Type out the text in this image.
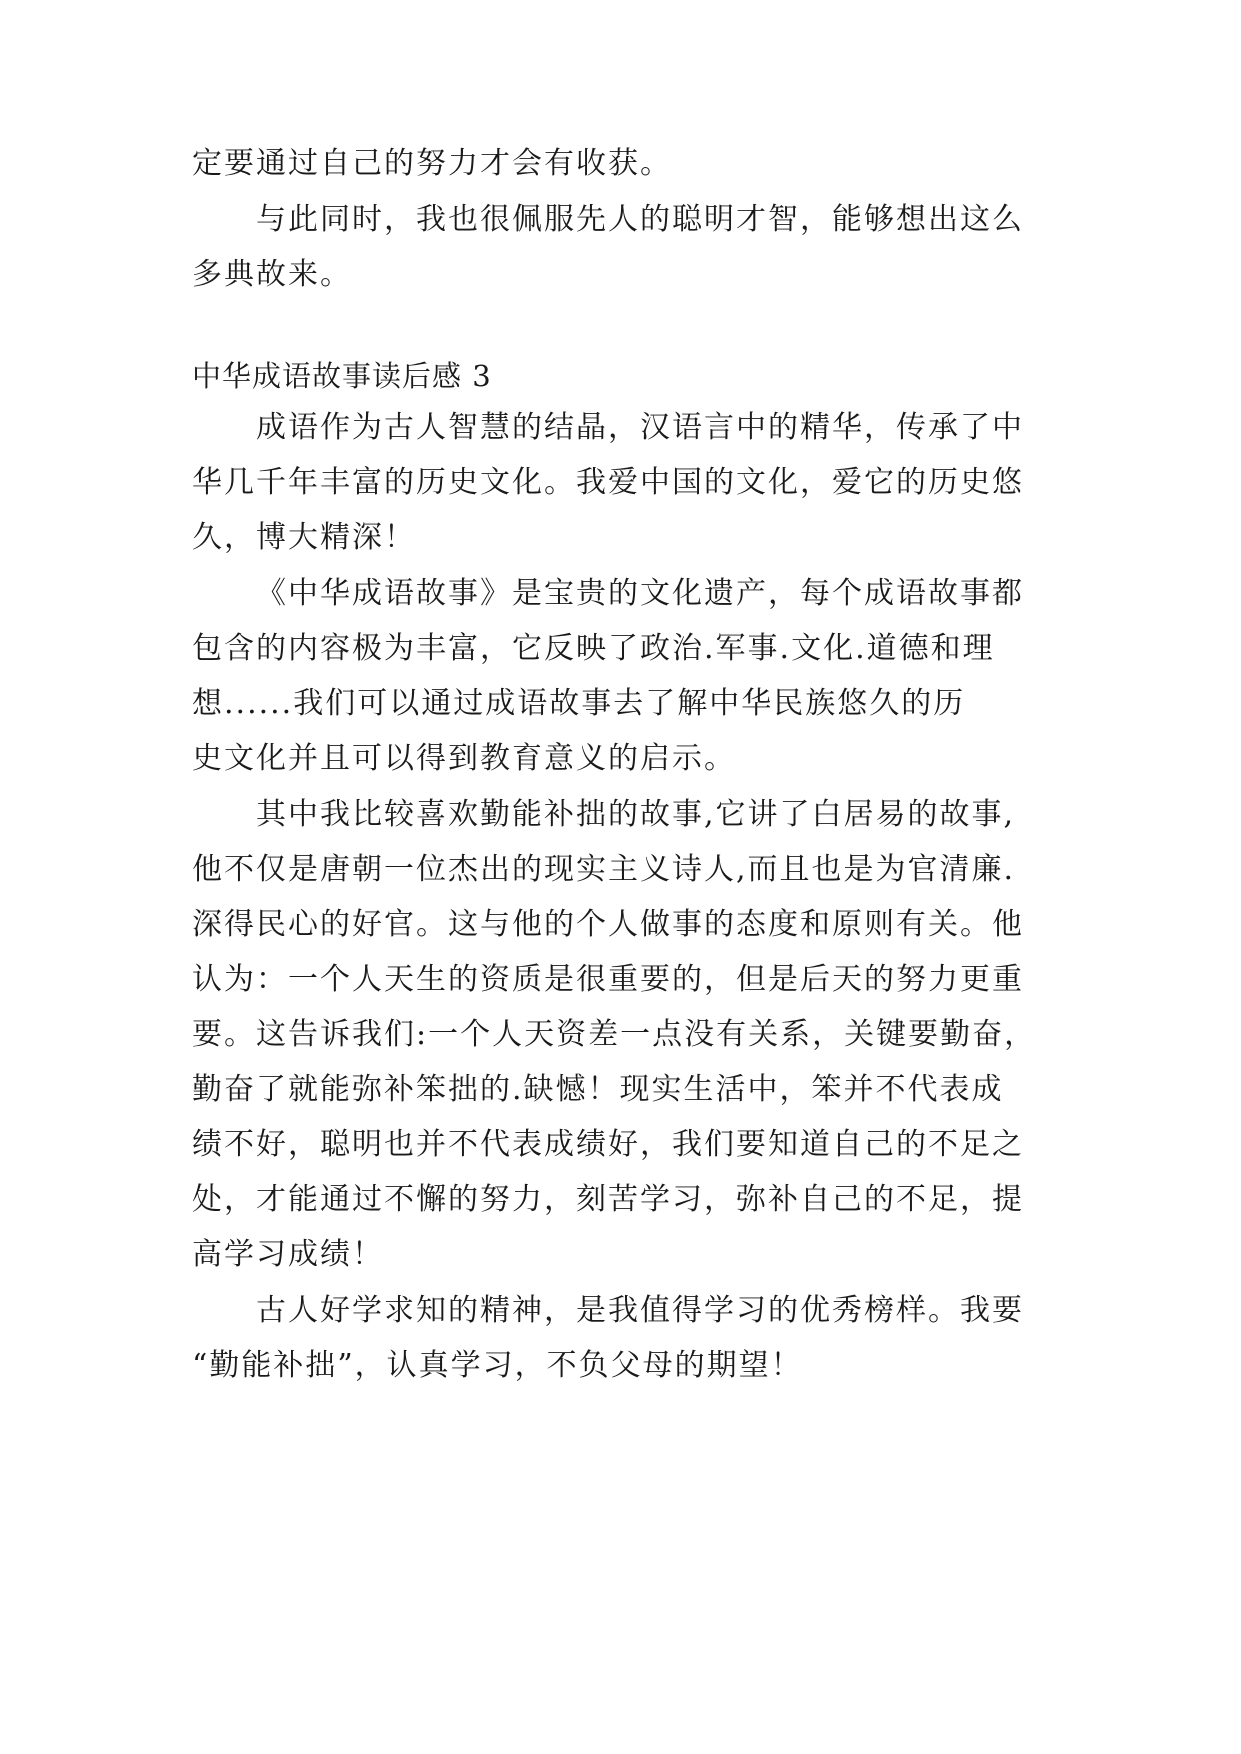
定要通过自己的努力才会有收获。

与此同时，我也很佩服先人的聪明才智，能够想出这么

多典故来。

中华成语故事读后感 3

成语作为古人智慧的结晶，汉语言中的精华，传承了中

华几千年丰富的历史文化。我爱中国的文化，爱它的历史悠

久，博大精深！

《中华成语故事》是宝贵的文化遗产，每个成语故事都

包含的内容极为丰富，它反映了政治.军事.文化.道德和理

想......我们可以通过成语故事去了解中华民族悠久的历

史文化并且可以得到教育意义的启示。

其中我比较喜欢勤能补拙的故事,它讲了白居易的故事,

他不仅是唐朝一位杰出的现实主义诗人,而且也是为官清廉.

深得民心的好官。这与他的个人做事的态度和原则有关。他

认为：一个人天生的资质是很重要的，但是后天的努力更重

要。这告诉我们:一个人天资差一点没有关系，关键要勤奋，

勤奋了就能弥补笨拙的.缺憾！现实生活中，笨并不代表成

绩不好，聪明也并不代表成绩好，我们要知道自己的不足之

处，才能通过不懈的努力，刻苦学习，弥补自己的不足，提

高学习成绩！

古人好学求知的精神，是我值得学习的优秀榜样。我要

“勤能补拙”，认真学习，不负父母的期望！
